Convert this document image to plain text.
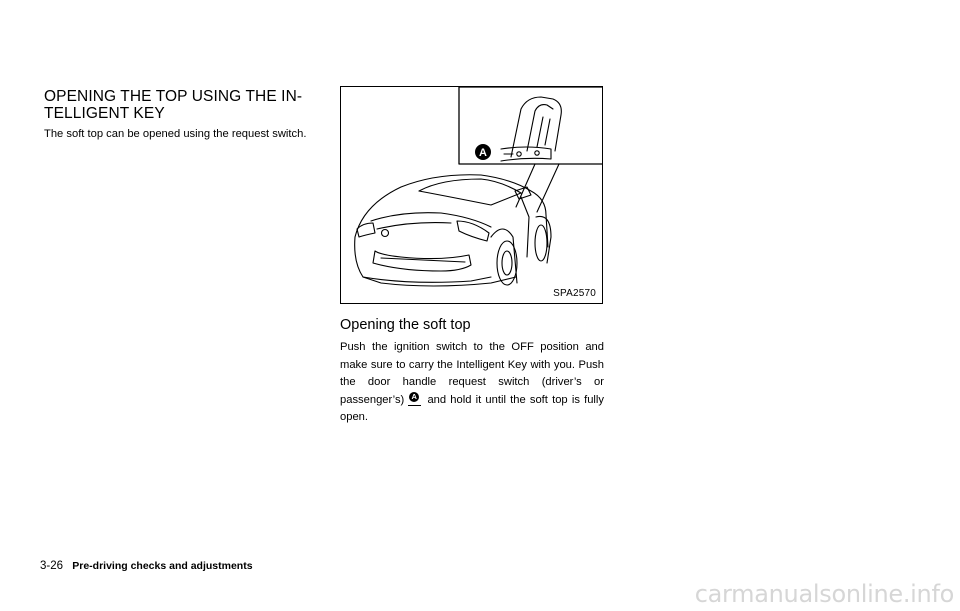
OPENING THE TOP USING THE IN-TELLIGENT KEY
The soft top can be opened using the request switch.
A
SPA2570
Opening the soft top
Push the ignition switch to the OFF position and make sure to carry the Intelligent Key with you. Push the door handle request switch (driver’s or passenger’s) A and hold it until the soft top is fully open.
3-26 Pre-driving checks and adjustments
carmanualsonline.info
